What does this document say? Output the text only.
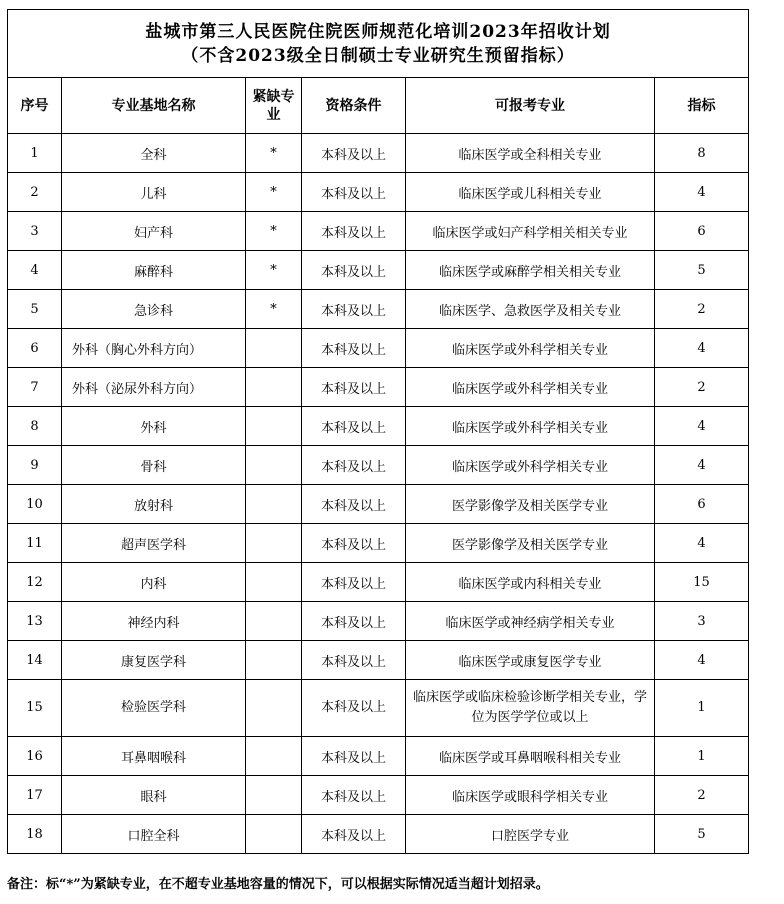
盐城市第三人民医院住院医师规范化培训2023年招收计划
（不含2023级全日制硕士专业研究生预留指标）					

序号	专业基地名称	紧缺专业	资格条件	可报考专业	指标
1	全科	*	本科及以上	临床医学或全科相关专业	8
2	儿科	*	本科及以上	临床医学或儿科相关专业	4
3	妇产科	*	本科及以上	临床医学或妇产科学相关相关专业	6
4	麻醉科	*	本科及以上	临床医学或麻醉学相关相关专业	5
5	急诊科	*	本科及以上	临床医学、急救医学及相关专业	2
6	外科（胸心外科方向）		本科及以上	临床医学或外科学相关专业	4
7	外科（泌尿外科方向）		本科及以上	临床医学或外科学相关专业	2
8	外科		本科及以上	临床医学或外科学相关专业	4
9	骨科		本科及以上	临床医学或外科学相关专业	4
10	放射科		本科及以上	医学影像学及相关医学专业	6
11	超声医学科		本科及以上	医学影像学及相关医学专业	4
12	内科		本科及以上	临床医学或内科相关专业	15
13	神经内科		本科及以上	临床医学或神经病学相关专业	3
14	康复医学科		本科及以上	临床医学或康复医学专业	4
15	检验医学科		本科及以上	临床医学或临床检验诊断学相关专业，学位为医学学位或以上	1
16	耳鼻咽喉科		本科及以上	临床医学或耳鼻咽喉科相关专业	1
17	眼科		本科及以上	临床医学或眼科学相关专业	2
18	口腔全科		本科及以上	口腔医学专业	5
备注：标“*”为紧缺专业，在不超专业基地容量的情况下，可以根据实际情况适当超计划招录。
